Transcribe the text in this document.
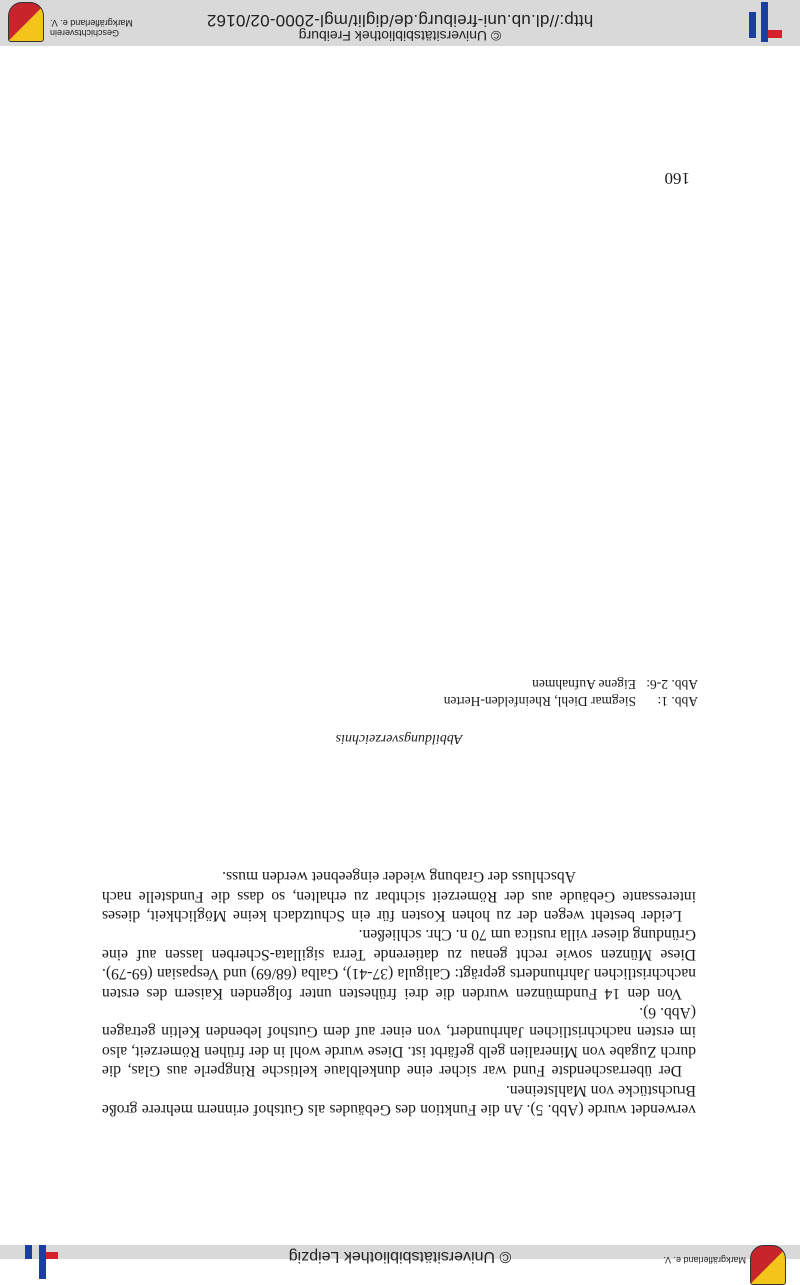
© Universitätsbibliothek Leipzig	Markgräflerland e. V.

verwendet wurde (Abb. 5). An die Funktion des Gebäudes als Gutshof erinnern mehrere große Bruchstücke von Mahlsteinen.

Der überraschendste Fund war sicher eine dunkelblaue keltische Ringperle aus Glas, die durch Zugabe von Mineralien gelb gefärbt ist. Diese wurde wohl in der frühen Römerzeit, also im ersten nachchristlichen Jahrhundert, von einer auf dem Gutshof lebenden Keltin getragen (Abb. 6).

Von den 14 Fundmünzen wurden die drei frühesten unter folgenden Kaisern des ersten nachchristlichen Jahrhunderts geprägt: Caligula (37-41), Galba (68/69) und Vespasian (69-79). Diese Münzen sowie recht genau zu datierende Terra sigillata-Scherben lassen auf eine Gründung dieser villa rustica um 70 n. Chr. schließen.

Leider besteht wegen der zu hohen Kosten für ein Schutzdach keine Möglichkeit, dieses interessante Gebäude aus der Römerzeit sichtbar zu erhalten, so dass die Fundstelle nach Abschluss der Grabung wieder eingeebnet werden muss.

Abbildungsverzeichnis
Abb. 1:Siegmar Diehl, Rheinfelden-Herten
Abb. 2-6:Eigene Aufnahmen
160
© Universitätsbibliothek Freiburg
http://dl.ub.uni-freiburg.de/diglit/mgl-2000-02/0162
Geschichtsverein
Markgräflerland e. V.
